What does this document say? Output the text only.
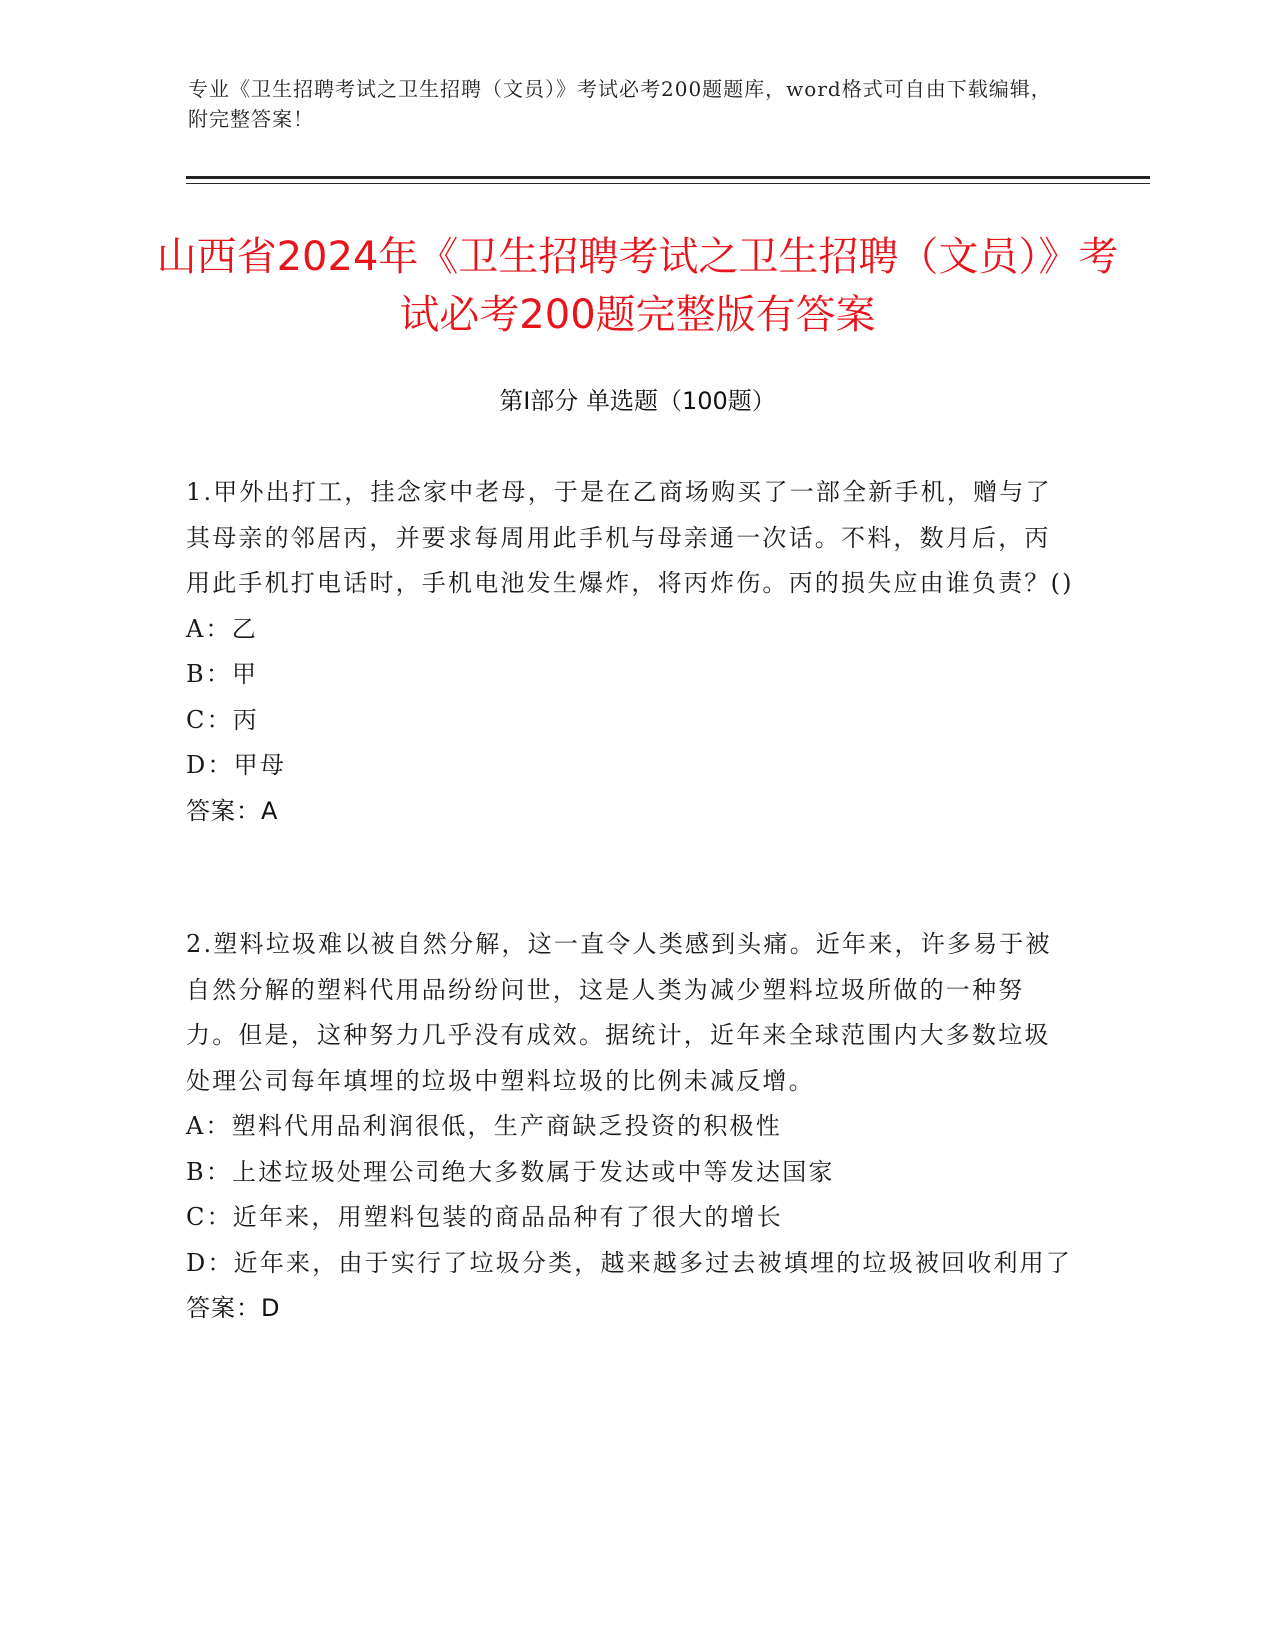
专业《卫生招聘考试之卫生招聘（文员）》考试必考200题题库，word格式可自由下载编辑，附完整答案！
山西省2024年《卫生招聘考试之卫生招聘（文员）》考试必考200题完整版有答案
第Ⅰ部分 单选题（100题）
1.甲外出打工，挂念家中老母，于是在乙商场购买了一部全新手机，赠与了其母亲的邻居丙，并要求每周用此手机与母亲通一次话。不料，数月后，丙用此手机打电话时，手机电池发生爆炸，将丙炸伤。丙的损失应由谁负责？()
A：乙
B：甲
C：丙
D：甲母
答案：A
2.塑料垃圾难以被自然分解，这一直令人类感到头痛。近年来，许多易于被自然分解的塑料代用品纷纷问世，这是人类为减少塑料垃圾所做的一种努力。但是，这种努力几乎没有成效。据统计，近年来全球范围内大多数垃圾处理公司每年填埋的垃圾中塑料垃圾的比例未减反增。
A：塑料代用品利润很低，生产商缺乏投资的积极性
B：上述垃圾处理公司绝大多数属于发达或中等发达国家
C：近年来，用塑料包装的商品品种有了很大的增长
D：近年来，由于实行了垃圾分类，越来越多过去被填埋的垃圾被回收利用了
答案：D
